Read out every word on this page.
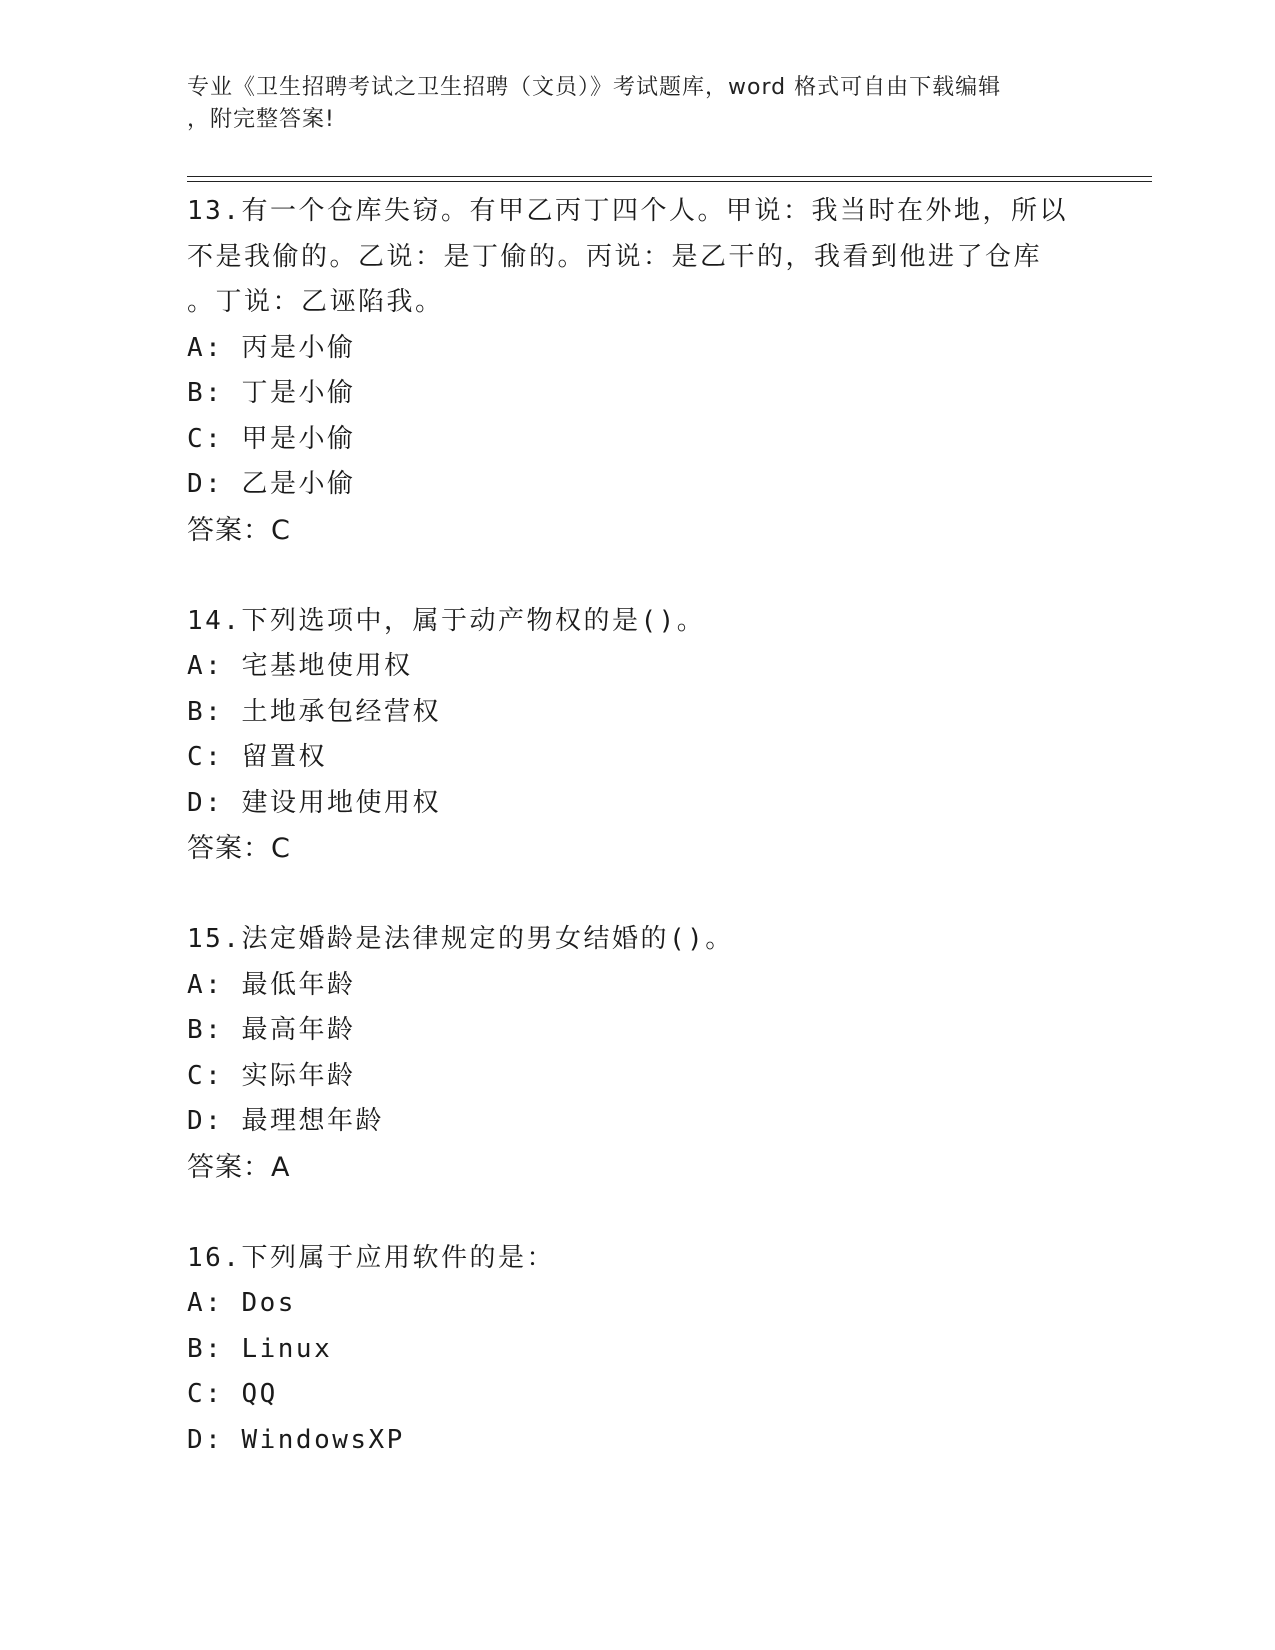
专业《卫生招聘考试之卫生招聘（文员）》考试题库，word 格式可自由下载编辑
，附完整答案!
13.有一个仓库失窃。有甲乙丙丁四个人。甲说：我当时在外地，所以
不是我偷的。乙说：是丁偷的。丙说：是乙干的，我看到他进了仓库
。丁说：乙诬陷我。
A: 丙是小偷
B: 丁是小偷
C: 甲是小偷
D: 乙是小偷
答案：C
14.下列选项中，属于动产物权的是()。
A: 宅基地使用权
B: 土地承包经营权
C: 留置权
D: 建设用地使用权
答案：C
15.法定婚龄是法律规定的男女结婚的()。
A: 最低年龄
B: 最高年龄
C: 实际年龄
D: 最理想年龄
答案：A
16.下列属于应用软件的是：
A: Dos
B: Linux
C: QQ
D: WindowsXP
